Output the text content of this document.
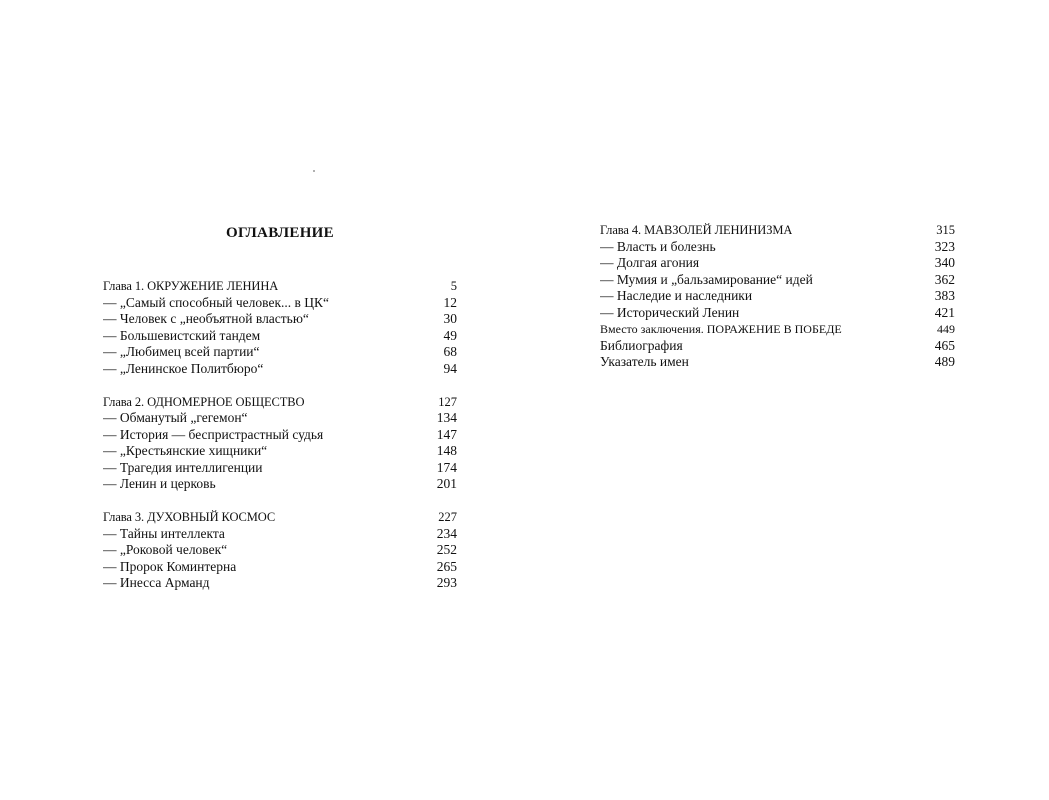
ОГЛАВЛЕНИЕ
Глава 1. ОКРУЖЕНИЕ ЛЕНИНА	5
— „Самый способный человек... в ЦК“	12
— Человек с „необъятной властью“	30
— Большевистский тандем	49
— „Любимец всей партии“	68
— „Ленинское Политбюро“	94
Глава 2. ОДНОМЕРНОЕ ОБЩЕСТВО	127
— Обманутый „гегемон“	134
— История — беспристрастный судья	147
— „Крестьянские хищники“	148
— Трагедия интеллигенции	174
— Ленин и церковь	201
Глава 3. ДУХОВНЫЙ КОСМОС	227
— Тайны интеллекта	234
— „Роковой человек“	252
— Пророк Коминтерна	265
— Инесса Арманд	293
Глава 4. МАВЗОЛЕЙ ЛЕНИНИЗМА	315
— Власть и болезнь	323
— Долгая агония	340
— Мумия и „бальзамирование“ идей	362
— Наследие и наследники	383
— Исторический Ленин	421
Вместо заключения. ПОРАЖЕНИЕ В ПОБЕДЕ	449
Библиография	465
Указатель имен	489
